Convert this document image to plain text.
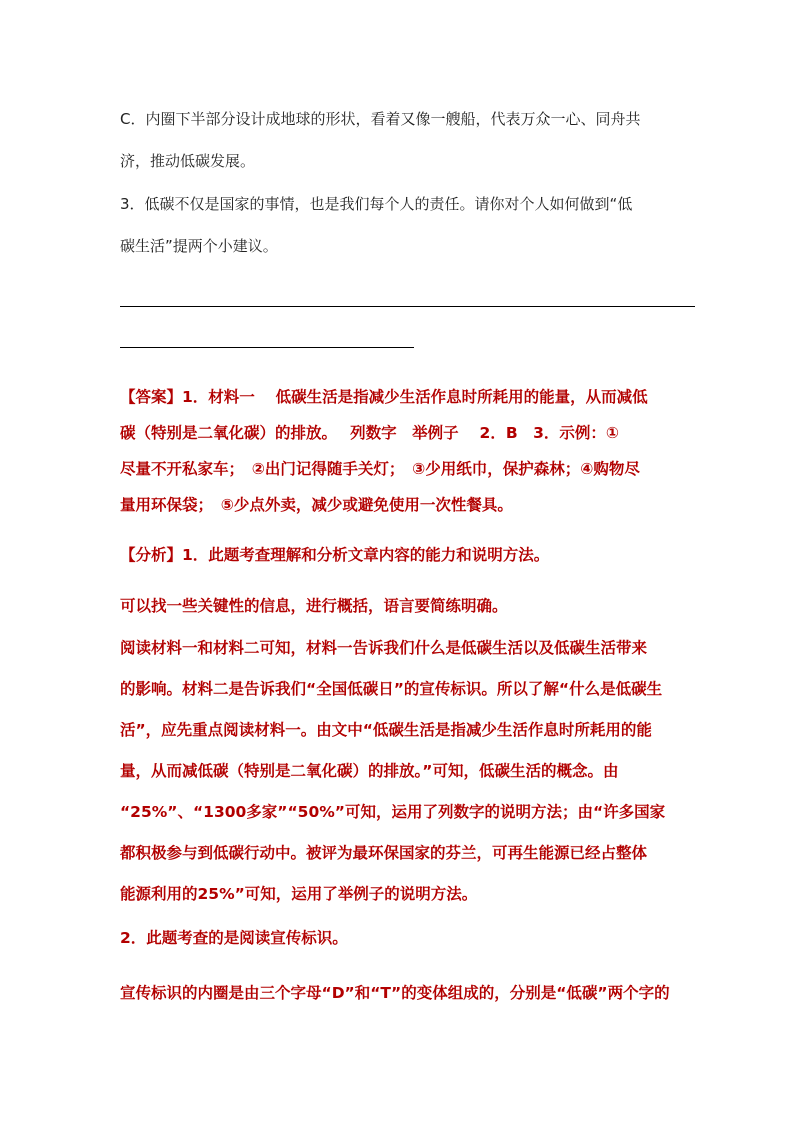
C．内圈下半部分设计成地球的形状，看着又像一艘船，代表万众一心、同舟共
济，推动低碳发展。
3．低碳不仅是国家的事情，也是我们每个人的责任。请你对个人如何做到“低
碳生活”提两个小建议。
【答案】1．材料一　 低碳生活是指减少生活作息时所耗用的能量，从而减低
碳（特别是二氧化碳）的排放。　 列数字　举例子　 2．B　3．示例：①
尽量不开私家车；　②出门记得随手关灯；　③少用纸巾，保护森林；④购物尽
量用环保袋；　⑤少点外卖，减少或避免使用一次性餐具。
【分析】1．此题考查理解和分析文章内容的能力和说明方法。
可以找一些关键性的信息，进行概括，语言要简练明确。
阅读材料一和材料二可知，材料一告诉我们什么是低碳生活以及低碳生活带来
的影响。材料二是告诉我们“全国低碳日”的宣传标识。所以了解“什么是低碳生
活”，应先重点阅读材料一。由文中“低碳生活是指减少生活作息时所耗用的能
量，从而减低碳（特别是二氧化碳）的排放。”可知，低碳生活的概念。由
“25%”、“1300多家”“50%”可知，运用了列数字的说明方法；由“许多国家
都积极参与到低碳行动中。被评为最环保国家的芬兰，可再生能源已经占整体
能源利用的25%”可知，运用了举例子的说明方法。
2．此题考查的是阅读宣传标识。
宣传标识的内圈是由三个字母“D”和“T”的变体组成的，分别是“低碳”两个字的
